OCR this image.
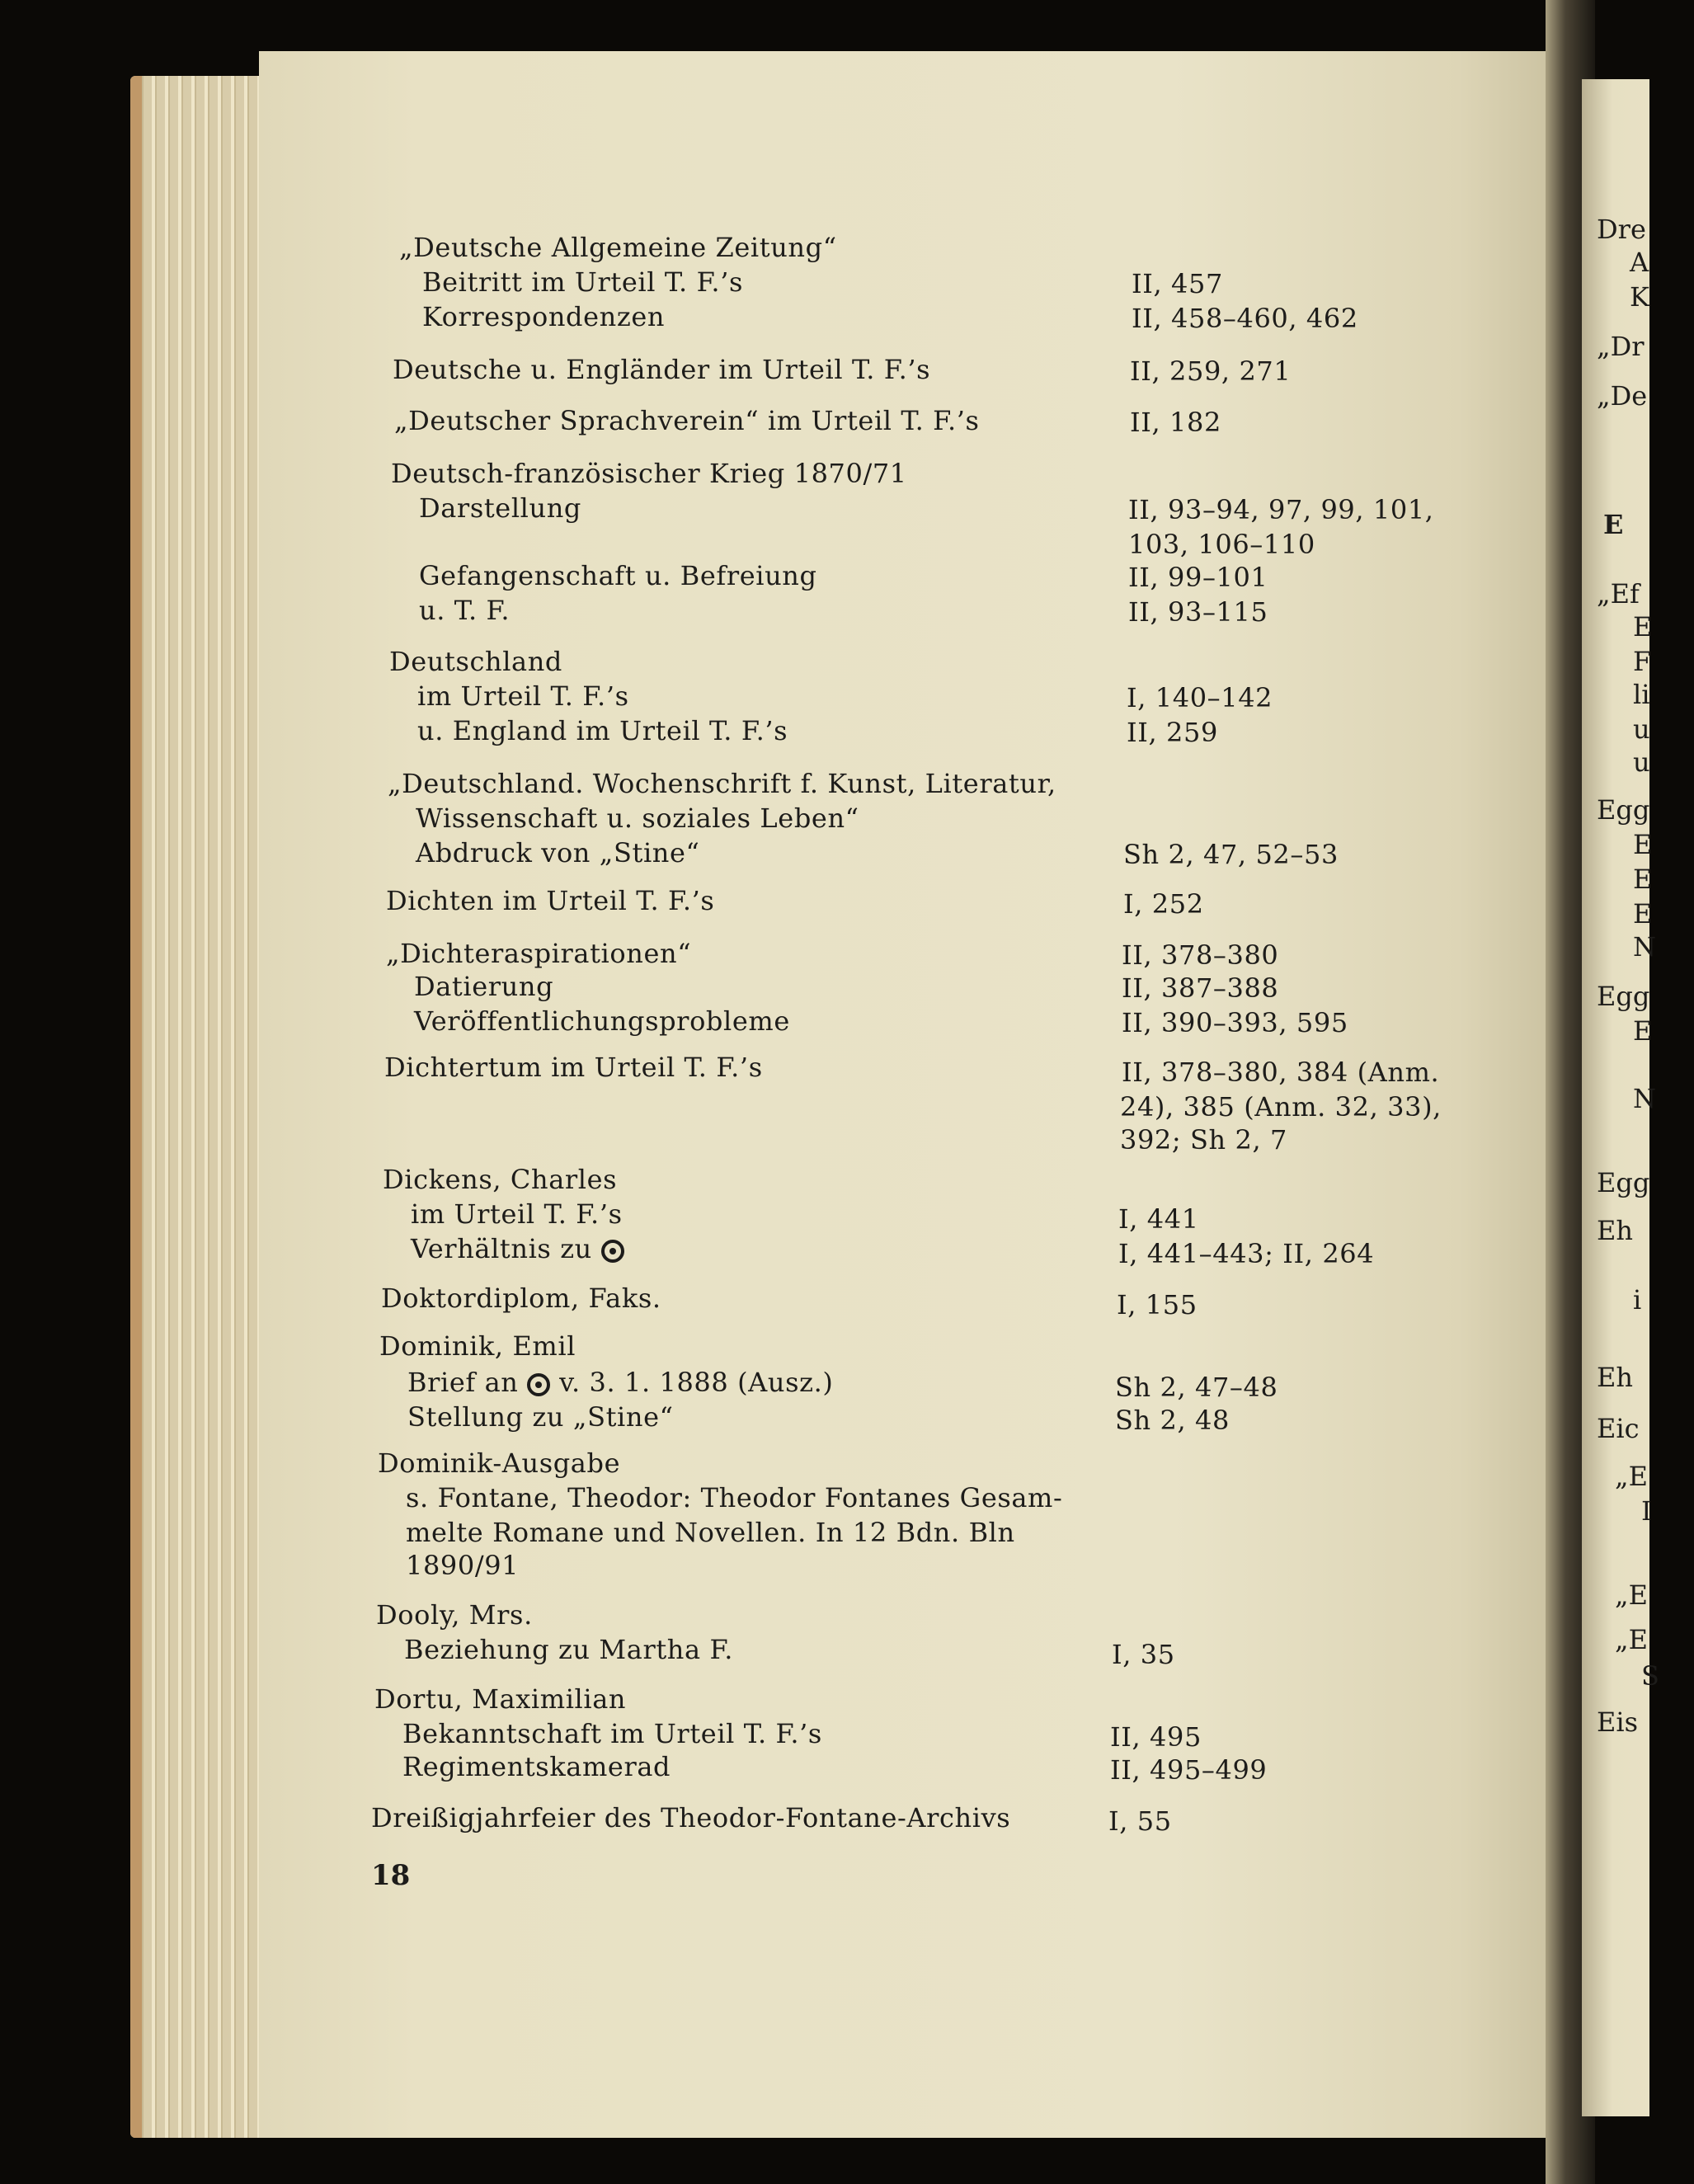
„Deutsche Allgemeine Zeitung“
Beitritt im Urteil T. F.’s	II, 457
Korrespondenzen	II, 458–460, 462
Deutsche u. Engländer im Urteil T. F.’s	II, 259, 271
„Deutscher Sprachverein“ im Urteil T. F.’s	II, 182
Deutsch-französischer Krieg 1870/71
Darstellung	II, 93–94, 97, 99, 101,
103, 106–110
Gefangenschaft u. Befreiung	II, 99–101
u. T. F.	II, 93–115
Deutschland
im Urteil T. F.’s	I, 140–142
u. England im Urteil T. F.’s	II, 259
„Deutschland. Wochenschrift f. Kunst, Literatur,
Wissenschaft u. soziales Leben“
Abdruck von „Stine“	Sh 2, 47, 52–53
Dichten im Urteil T. F.’s	I, 252
„Dichteraspirationen“	II, 378–380
Datierung	II, 387–388
Veröffentlichungsprobleme	II, 390–393, 595
Dichtertum im Urteil T. F.’s	II, 378–380, 384 (Anm.
24), 385 (Anm. 32, 33),
392; Sh 2, 7
Dickens, Charles
im Urteil T. F.’s	I, 441
Verhältnis zu	I, 441–443; II, 264
Doktordiplom, Faks.	I, 155
Dominik, Emil
Brief an v. 3. 1. 1888 (Ausz.)	Sh 2, 47–48
Stellung zu „Stine“	Sh 2, 48
Dominik-Ausgabe
s. Fontane, Theodor: Theodor Fontanes Gesam-
melte Romane und Novellen. In 12 Bdn. Bln
1890/91
Dooly, Mrs.
Beziehung zu Martha F.	I, 35
Dortu, Maximilian
Bekanntschaft im Urteil T. F.’s	II, 495
Regimentskamerad	II, 495–499
Dreißigjahrfeier des Theodor-Fontane-Archivs	I, 55
18
Dre
A
K
„Dr
„De
E
„Ef
E
F
li
u
u
Egg
E
E
E
N
Egg
E
N
Egg
Eh
i
Eh
Eic
„E
I
„E
„E
S
Eis
